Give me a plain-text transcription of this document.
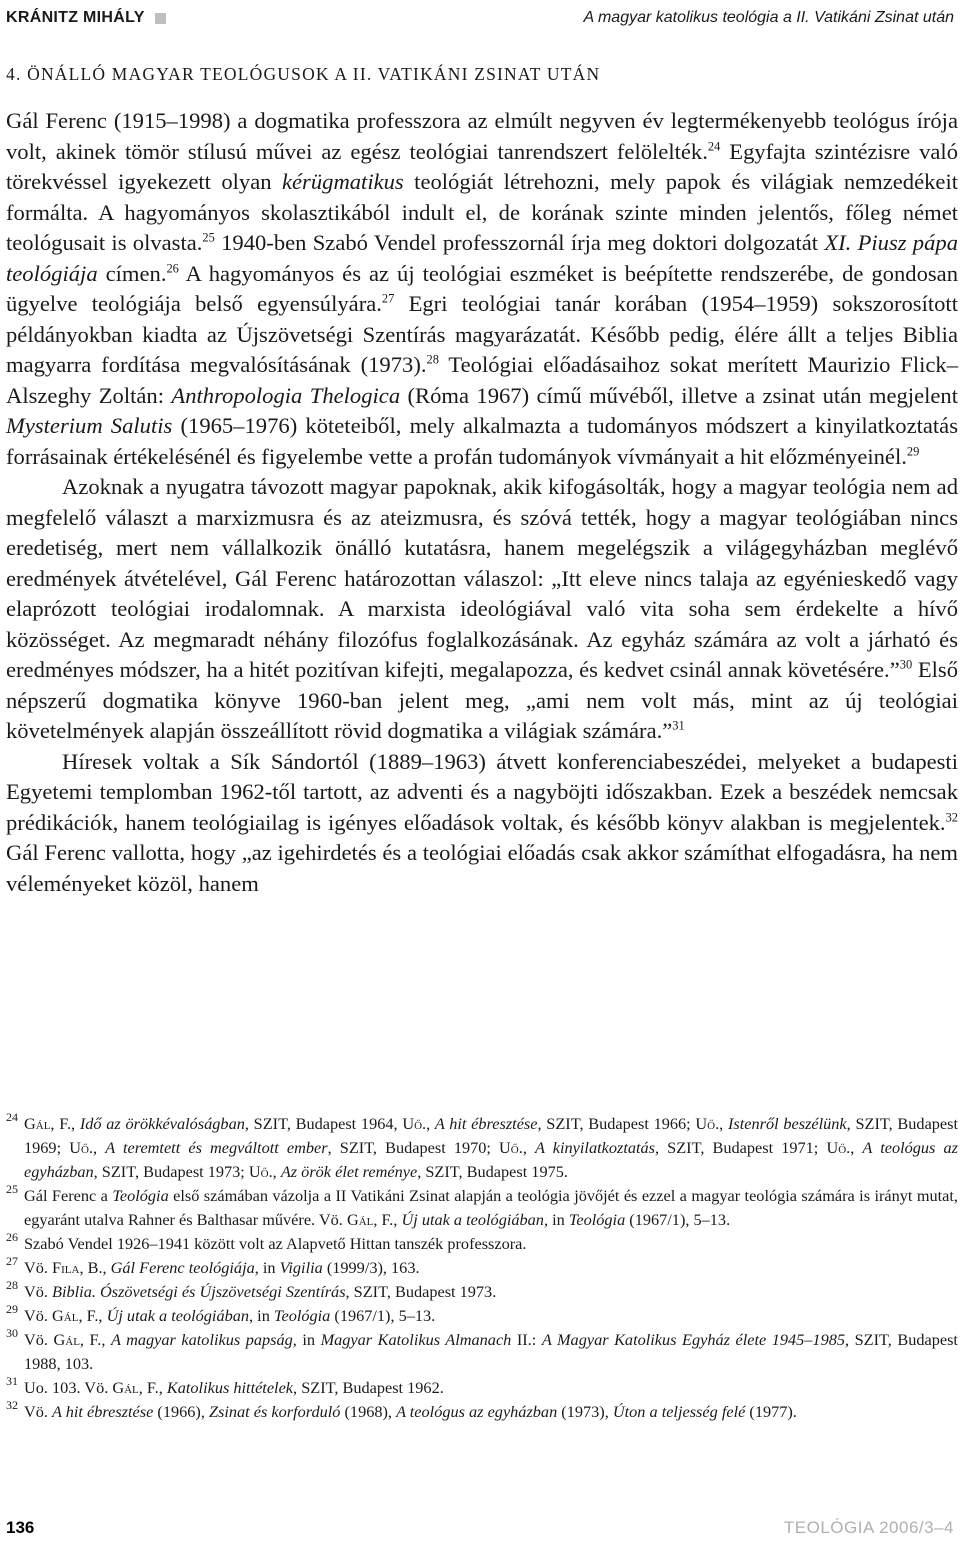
KRÁNITZ MIHÁLY	A magyar katolikus teológia a II. Vatikáni Zsinat után
4. ÖNÁLLÓ MAGYAR TEOLÓGUSOK A II. VATIKÁNI ZSINAT UTÁN

Gál Ferenc (1915–1998) a dogmatika professzora az elmúlt negyven év legtermékenyebb teológus írója volt, akinek tömör stílusú művei az egész teológiai tanrendszert felölelték.$^{24}$ Egyfajta szintézisre való törekvéssel igyekezett olyan kérügmatikus teológiát létrehozni, mely papok és világiak nemzedékeit formálta. A hagyományos skolasztikából indult el, de korának szinte minden jelentős, főleg német teológusait is olvasta.$^{25}$ 1940-ben Szabó Vendel professzornál írja meg doktori dolgozatát XI. Piusz pápa teológiája címen.$^{26}$ A hagyományos és az új teológiai eszméket is beépítette rendszerébe, de gondosan ügyelve teológiája belső egyensúlyára.$^{27}$ Egri teológiai tanár korában (1954–1959) sokszorosított példányokban kiadta az Újszövetségi Szentírás magyarázatát. Később pedig, élére állt a teljes Biblia magyarra fordítása megvalósításának (1973).$^{28}$ Teológiai előadásaihoz sokat merített Maurizio Flick–Alszeghy Zoltán: Anthropologia Thelogica (Róma 1967) című művéből, illetve a zsinat után megjelent Mysterium Salutis (1965–1976) köteteiből, mely alkalmazta a tudományos módszert a kinyilatkoztatás forrásainak értékelésénél és figyelembe vette a profán tudományok vívmányait a hit előzményeinél.$^{29}$

Azoknak a nyugatra távozott magyar papoknak, akik kifogásolták, hogy a magyar teológia nem ad megfelelő választ a marxizmusra és az ateizmusra, és szóvá tették, hogy a magyar teológiában nincs eredetiség, mert nem vállalkozik önálló kutatásra, hanem megelégszik a világegyházban meglévő eredmények átvételével, Gál Ferenc határozottan válaszol: „Itt eleve nincs talaja az egyénieskedő vagy elaprózott teológiai irodalomnak. A marxista ideológiával való vita soha sem érdekelte a hívő közösséget. Az megmaradt néhány filozófus foglalkozásának. Az egyház számára az volt a járható és eredményes módszer, ha a hitét pozitívan kifejti, megalapozza, és kedvet csinál annak követésére.”$^{30}$ Első népszerű dogmatika könyve 1960-ban jelent meg, „ami nem volt más, mint az új teológiai követelmények alapján összeállított rövid dogmatika a világiak számára.”$^{31}$

Híresek voltak a Sík Sándortól (1889–1963) átvett konferenciabeszédei, melyeket a budapesti Egyetemi templomban 1962-től tartott, az adventi és a nagyböjti időszakban. Ezek a beszédek nemcsak prédikációk, hanem teológiailag is igényes előadások voltak, és később könyv alakban is megjelentek.$^{32}$ Gál Ferenc vallotta, hogy „az igehirdetés és a teológiai előadás csak akkor számíthat elfogadásra, ha nem véleményeket közöl, hanem

24 Gál, F., Idő az örökkévalóságban, SZIT, Budapest 1964, Uő., A hit ébresztése, SZIT, Budapest 1966; Uő., Istenről beszélünk, SZIT, Budapest 1969; Uő., A teremtett és megváltott ember, SZIT, Budapest 1970; Uő., A kinyilatkoztatás, SZIT, Budapest 1971; Uő., A teológus az egyházban, SZIT, Budapest 1973; Uő., Az örök élet reménye, SZIT, Budapest 1975.

25 Gál Ferenc a Teológia első számában vázolja a II Vatikáni Zsinat alapján a teológia jövőjét és ezzel a magyar teológia számára is irányt mutat, egyaránt utalva Rahner és Balthasar művére. Vö. Gál, F., Új utak a teológiában, in Teológia (1967/1), 5–13.

26 Szabó Vendel 1926–1941 között volt az Alapvető Hittan tanszék professzora.

27 Vö. Fila, B., Gál Ferenc teológiája, in Vigilia (1999/3), 163.

28 Vö. Biblia. Ószövetségi és Újszövetségi Szentírás, SZIT, Budapest 1973.

29 Vö. Gál, F., Új utak a teológiában, in Teológia (1967/1), 5–13.

30 Vö. Gál, F., A magyar katolikus papság, in Magyar Katolikus Almanach II.: A Magyar Katolikus Egyház élete 1945–1985, SZIT, Budapest 1988, 103.

31 Uo. 103. Vö. Gál, F., Katolikus hittételek, SZIT, Budapest 1962.

32 Vö. A hit ébresztése (1966), Zsinat és korforduló (1968), A teológus az egyházban (1973), Úton a teljesség felé (1977).

136	TEOLÓGIA 2006/3–4
